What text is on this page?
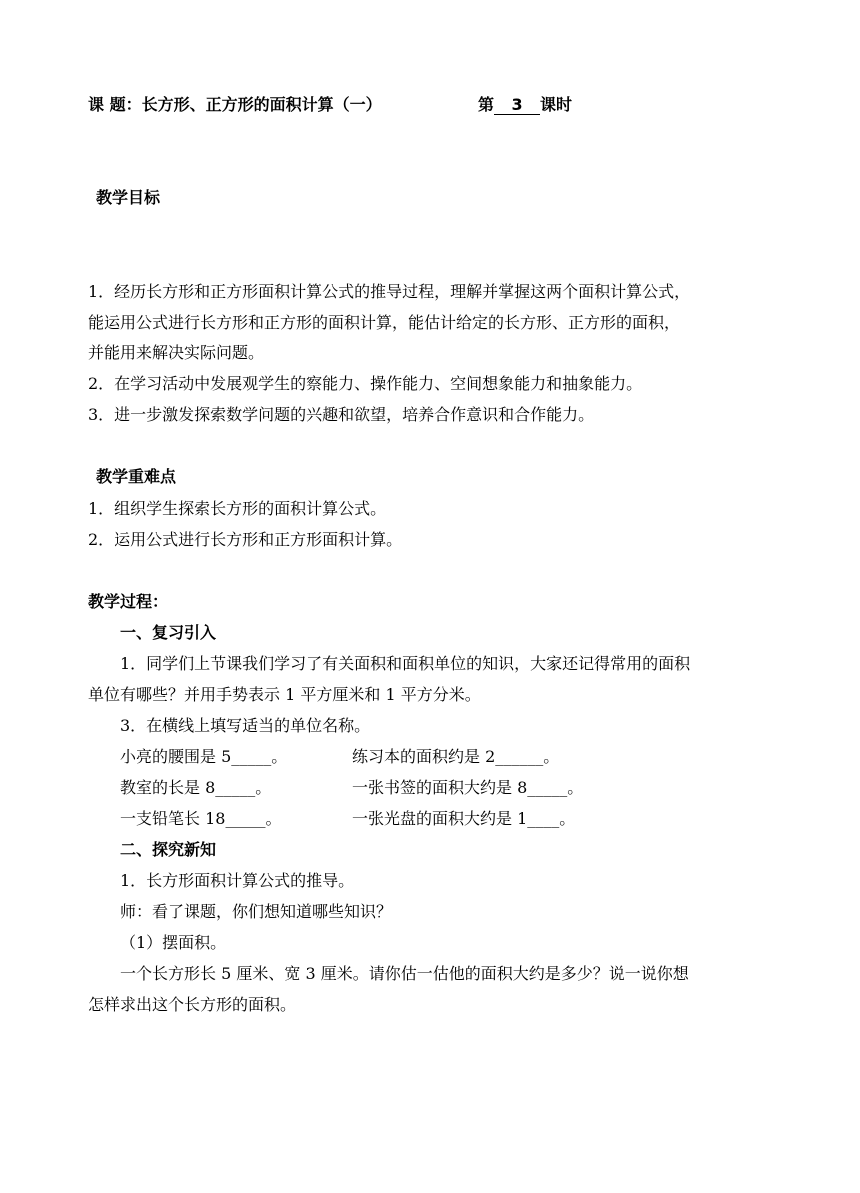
课 题：长方形、正方形的面积计算（一）	第 3 课时
教学目标
1．经历长方形和正方形面积计算公式的推导过程，理解并掌握这两个面积计算公式，
能运用公式进行长方形和正方形的面积计算，能估计给定的长方形、正方形的面积，
并能用来解决实际问题。
2．在学习活动中发展观学生的察能力、操作能力、空间想象能力和抽象能力。
3．进一步激发探索数学问题的兴趣和欲望，培养合作意识和合作能力。
教学重难点
1．组织学生探索长方形的面积计算公式。
2．运用公式进行长方形和正方形面积计算。
教学过程：
一、复习引入
1．同学们上节课我们学习了有关面积和面积单位的知识，大家还记得常用的面积
单位有哪些？并用手势表示 1 平方厘米和 1 平方分米。
3．在横线上填写适当的单位名称。
小亮的腰围是 5_____。	练习本的面积约是 2______。
教室的长是 8_____。	一张书签的面积大约是 8_____。
一支铅笔长 18_____。	一张光盘的面积大约是 1____。
二、探究新知
1．长方形面积计算公式的推导。
师：看了课题，你们想知道哪些知识？
（1）摆面积。
一个长方形长 5 厘米、宽 3 厘米。请你估一估他的面积大约是多少？说一说你想
怎样求出这个长方形的面积。
